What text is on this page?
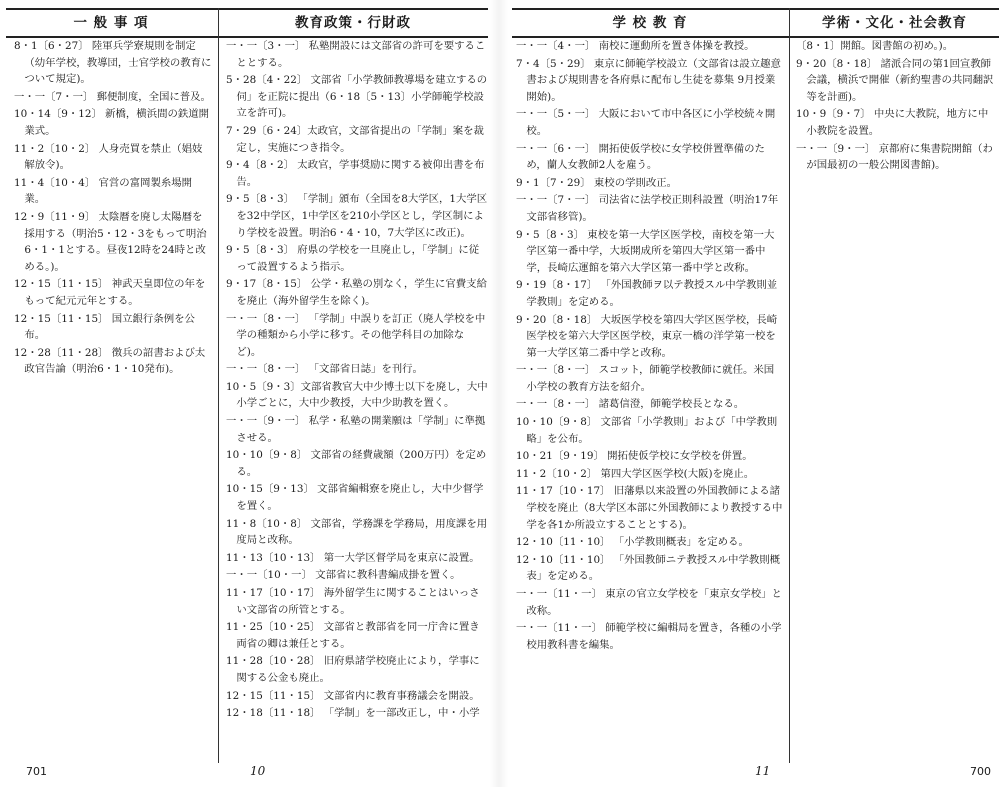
一 般 事 項	教育政策・行財政
8・1〔6・27〕 陸軍兵学寮規則を制定（幼年学校，教導団，士官学校の教育について規定)。
一・一〔7・一〕 郵便制度，全国に普及。
10・14〔9・12〕 新橋，横浜間の鉄道開業式。
11・2〔10・2〕 人身売買を禁止（娼妓解放令)。
11・4〔10・4〕 官営の富岡製糸場開業。
12・9〔11・9〕 太陰暦を廃し太陽暦を採用する（明治5・12・3をもって明治6・1・1とする。昼夜12時を24時と改める。)。
12・15〔11・15〕 神武天皇即位の年をもって紀元元年とする。
12・15〔11・15〕 国立銀行条例を公布。
12・28〔11・28〕 徴兵の詔書および太政官告論（明治6・1・10発布)。
一・一〔3・一〕 私塾開設には文部省の許可を要することとする。
5・28〔4・22〕 文部省「小学教師教導場を建立するの伺」を正院に提出（6・18〔5・13〕小学師範学校設立を許可)。
7・29〔6・24〕太政官，文部省提出の「学制」案を裁定し，実施につき指令。
9・4〔8・2〕 太政官，学事奨励に関する被仰出書を布告。
9・5〔8・3〕 「学制」頒布（全国を8大学区，1大学区を32中学区，1中学区を210小学区とし，学区制により学校を設置。明治6・4・10，7大学区に改正)。
9・5〔8・3〕 府県の学校を一旦廃止し，「学制」に従って設置するよう指示。
9・17〔8・15〕 公学・私塾の別なく，学生に官費支給を廃止（海外留学生を除く)。
一・一〔8・一〕 「学制」中誤りを訂正（廃人学校を中学の種類から小学に移す。その他学科目の加除など)。
一・一〔8・一〕 「文部省日誌」を刊行。
10・5〔9・3〕文部省教官大中少博士以下を廃し，大中小学ごとに，大中少教授，大中少助教を置く。
一・一〔9・一〕 私学・私塾の開業願は「学制」に準拠させる。
10・10〔9・8〕 文部省の経費歳額（200万円）を定める。
10・15〔9・13〕 文部省編輯寮を廃止し，大中少督学を置く。
11・8〔10・8〕 文部省，学務課を学務局，用度課を用度局と改称。
11・13〔10・13〕 第一大学区督学局を東京に設置。
一・一〔10・一〕 文部省に教科書編成掛を置く。
11・17〔10・17〕 海外留学生に関することはいっさい文部省の所管とする。
11・25〔10・25〕 文部省と教部省を同一庁舎に置き両省の卿は兼任とする。
11・28〔10・28〕 旧府県諸学校廃止により，学事に関する公金も廃止。
12・15〔11・15〕 文部省内に教育事務議会を開設。
12・18〔11・18〕 「学制」を一部改正し，中・小学
701	10
学 校 教 育	学術・文化・社会教育
一・一〔4・一〕 南校に運動所を置き体操を教授。
7・4〔5・29〕 東京に師範学校設立（文部省は設立趣意書および規則書を各府県に配布し生徒を募集 9月授業開始)。
一・一〔5・一〕 大阪において市中各区に小学校続々開校。
一・一〔6・一〕 開拓使仮学校に女学校併置準備のため，蘭人女教師2人を雇う。
9・1〔7・29〕 東校の学則改正。
一・一〔7・一〕 司法省に法学校正則科設置（明治17年文部省移管)。
9・5〔8・3〕 東校を第一大学区医学校，南校を第一大学区第一番中学，大坂開成所を第四大学区第一番中学，長崎広運館を第六大学区第一番中学と改称。
9・19〔8・17〕 「外国教師ヲ以テ教授スル中学教則並学教則」を定める。
9・20〔8・18〕 大坂医学校を第四大学区医学校，長崎医学校を第六大学区医学校，東京一橋の洋学第一校を第一大学区第二番中学と改称。
一・一〔8・一〕 スコット，師範学校教師に就任。米国小学校の教育方法を紹介。
一・一〔8・一〕 諸葛信澄，師範学校長となる。
10・10〔9・8〕 文部省「小学教則」および「中学教則略」を公布。
10・21〔9・19〕 開拓使仮学校に女学校を併置。
11・2〔10・2〕 第四大学区医学校(大阪)を廃止。
11・17〔10・17〕 旧藩県以来設置の外国教師による諸学校を廃止（8大学区本部に外国教師により教授する中学を各1か所設立することとする)。
12・10〔11・10〕 「小学教則概表」を定める。
12・10〔11・10〕 「外国教師ニテ教授スル中学教則概表」を定める。
一・一〔11・一〕 東京の官立女学校を「東京女学校」と改称。
一・一〔11・一〕 師範学校に編輯局を置き，各種の小学校用教科書を編集。
〔8・1〕開館。図書館の初め。)。
9・20〔8・18〕 諸派合同の第1回宣教師会議，横浜で開催（新約聖書の共同翻訳等を計画)。
10・9〔9・7〕 中央に大教院，地方に中小教院を設置。
一・一〔9・一〕 京都府に集書院開館（わが国最初の一般公開図書館)。
11	700
